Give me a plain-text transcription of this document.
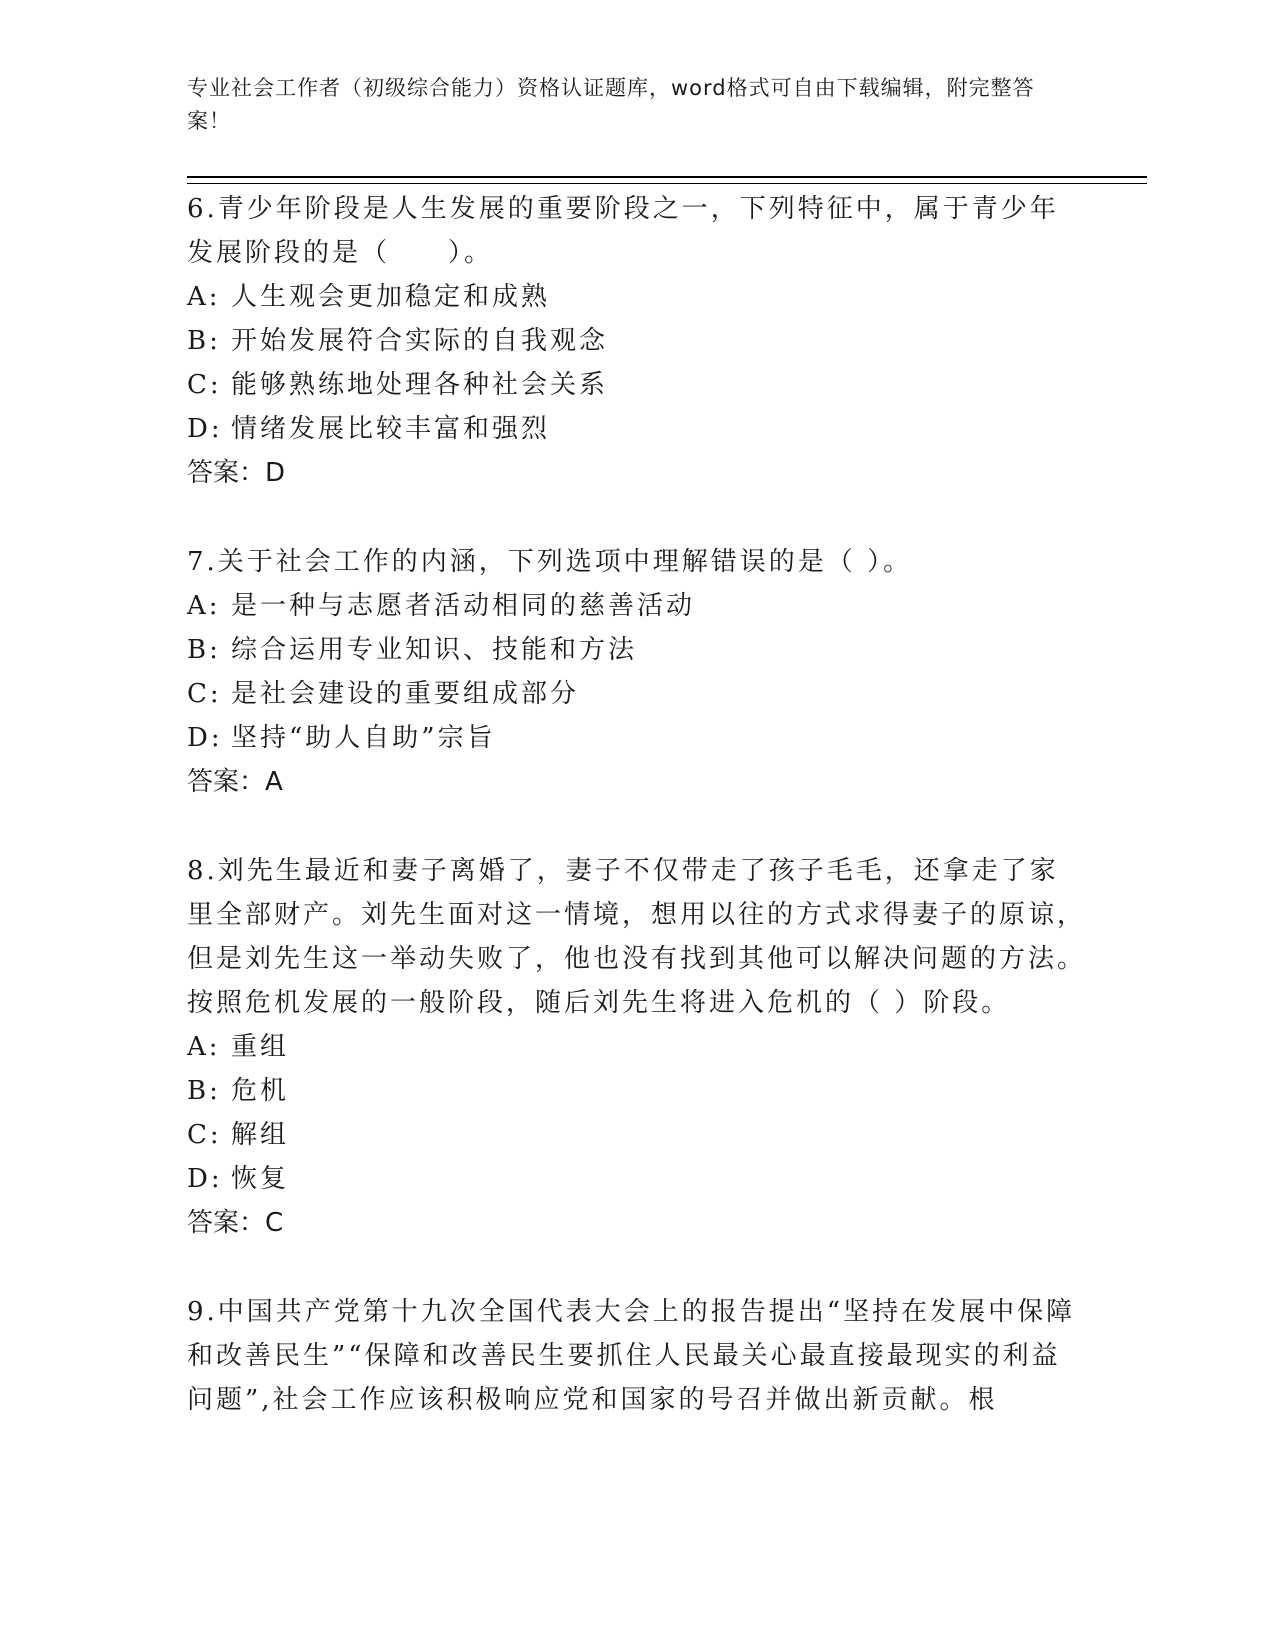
专业社会工作者（初级综合能力）资格认证题库，word格式可自由下载编辑，附完整答案！

6.青少年阶段是人生发展的重要阶段之一，下列特征中，属于青少年发展阶段的是（　　）。

A: 人生观会更加稳定和成熟

B: 开始发展符合实际的自我观念

C: 能够熟练地处理各种社会关系

D: 情绪发展比较丰富和强烈

答案：D

7.关于社会工作的内涵，下列选项中理解错误的是（ ）。

A: 是一种与志愿者活动相同的慈善活动

B: 综合运用专业知识、技能和方法

C: 是社会建设的重要组成部分

D: 坚持“助人自助”宗旨

答案：A

8.刘先生最近和妻子离婚了，妻子不仅带走了孩子毛毛，还拿走了家里全部财产。刘先生面对这一情境，想用以往的方式求得妻子的原谅，但是刘先生这一举动失败了，他也没有找到其他可以解决问题的方法。按照危机发展的一般阶段，随后刘先生将进入危机的（ ）阶段。

A: 重组

B: 危机

C: 解组

D: 恢复

答案：C

9.中国共产党第十九次全国代表大会上的报告提出“坚持在发展中保障和改善民生”“保障和改善民生要抓住人民最关心最直接最现实的利益问题”,社会工作应该积极响应党和国家的号召并做出新贡献。根
